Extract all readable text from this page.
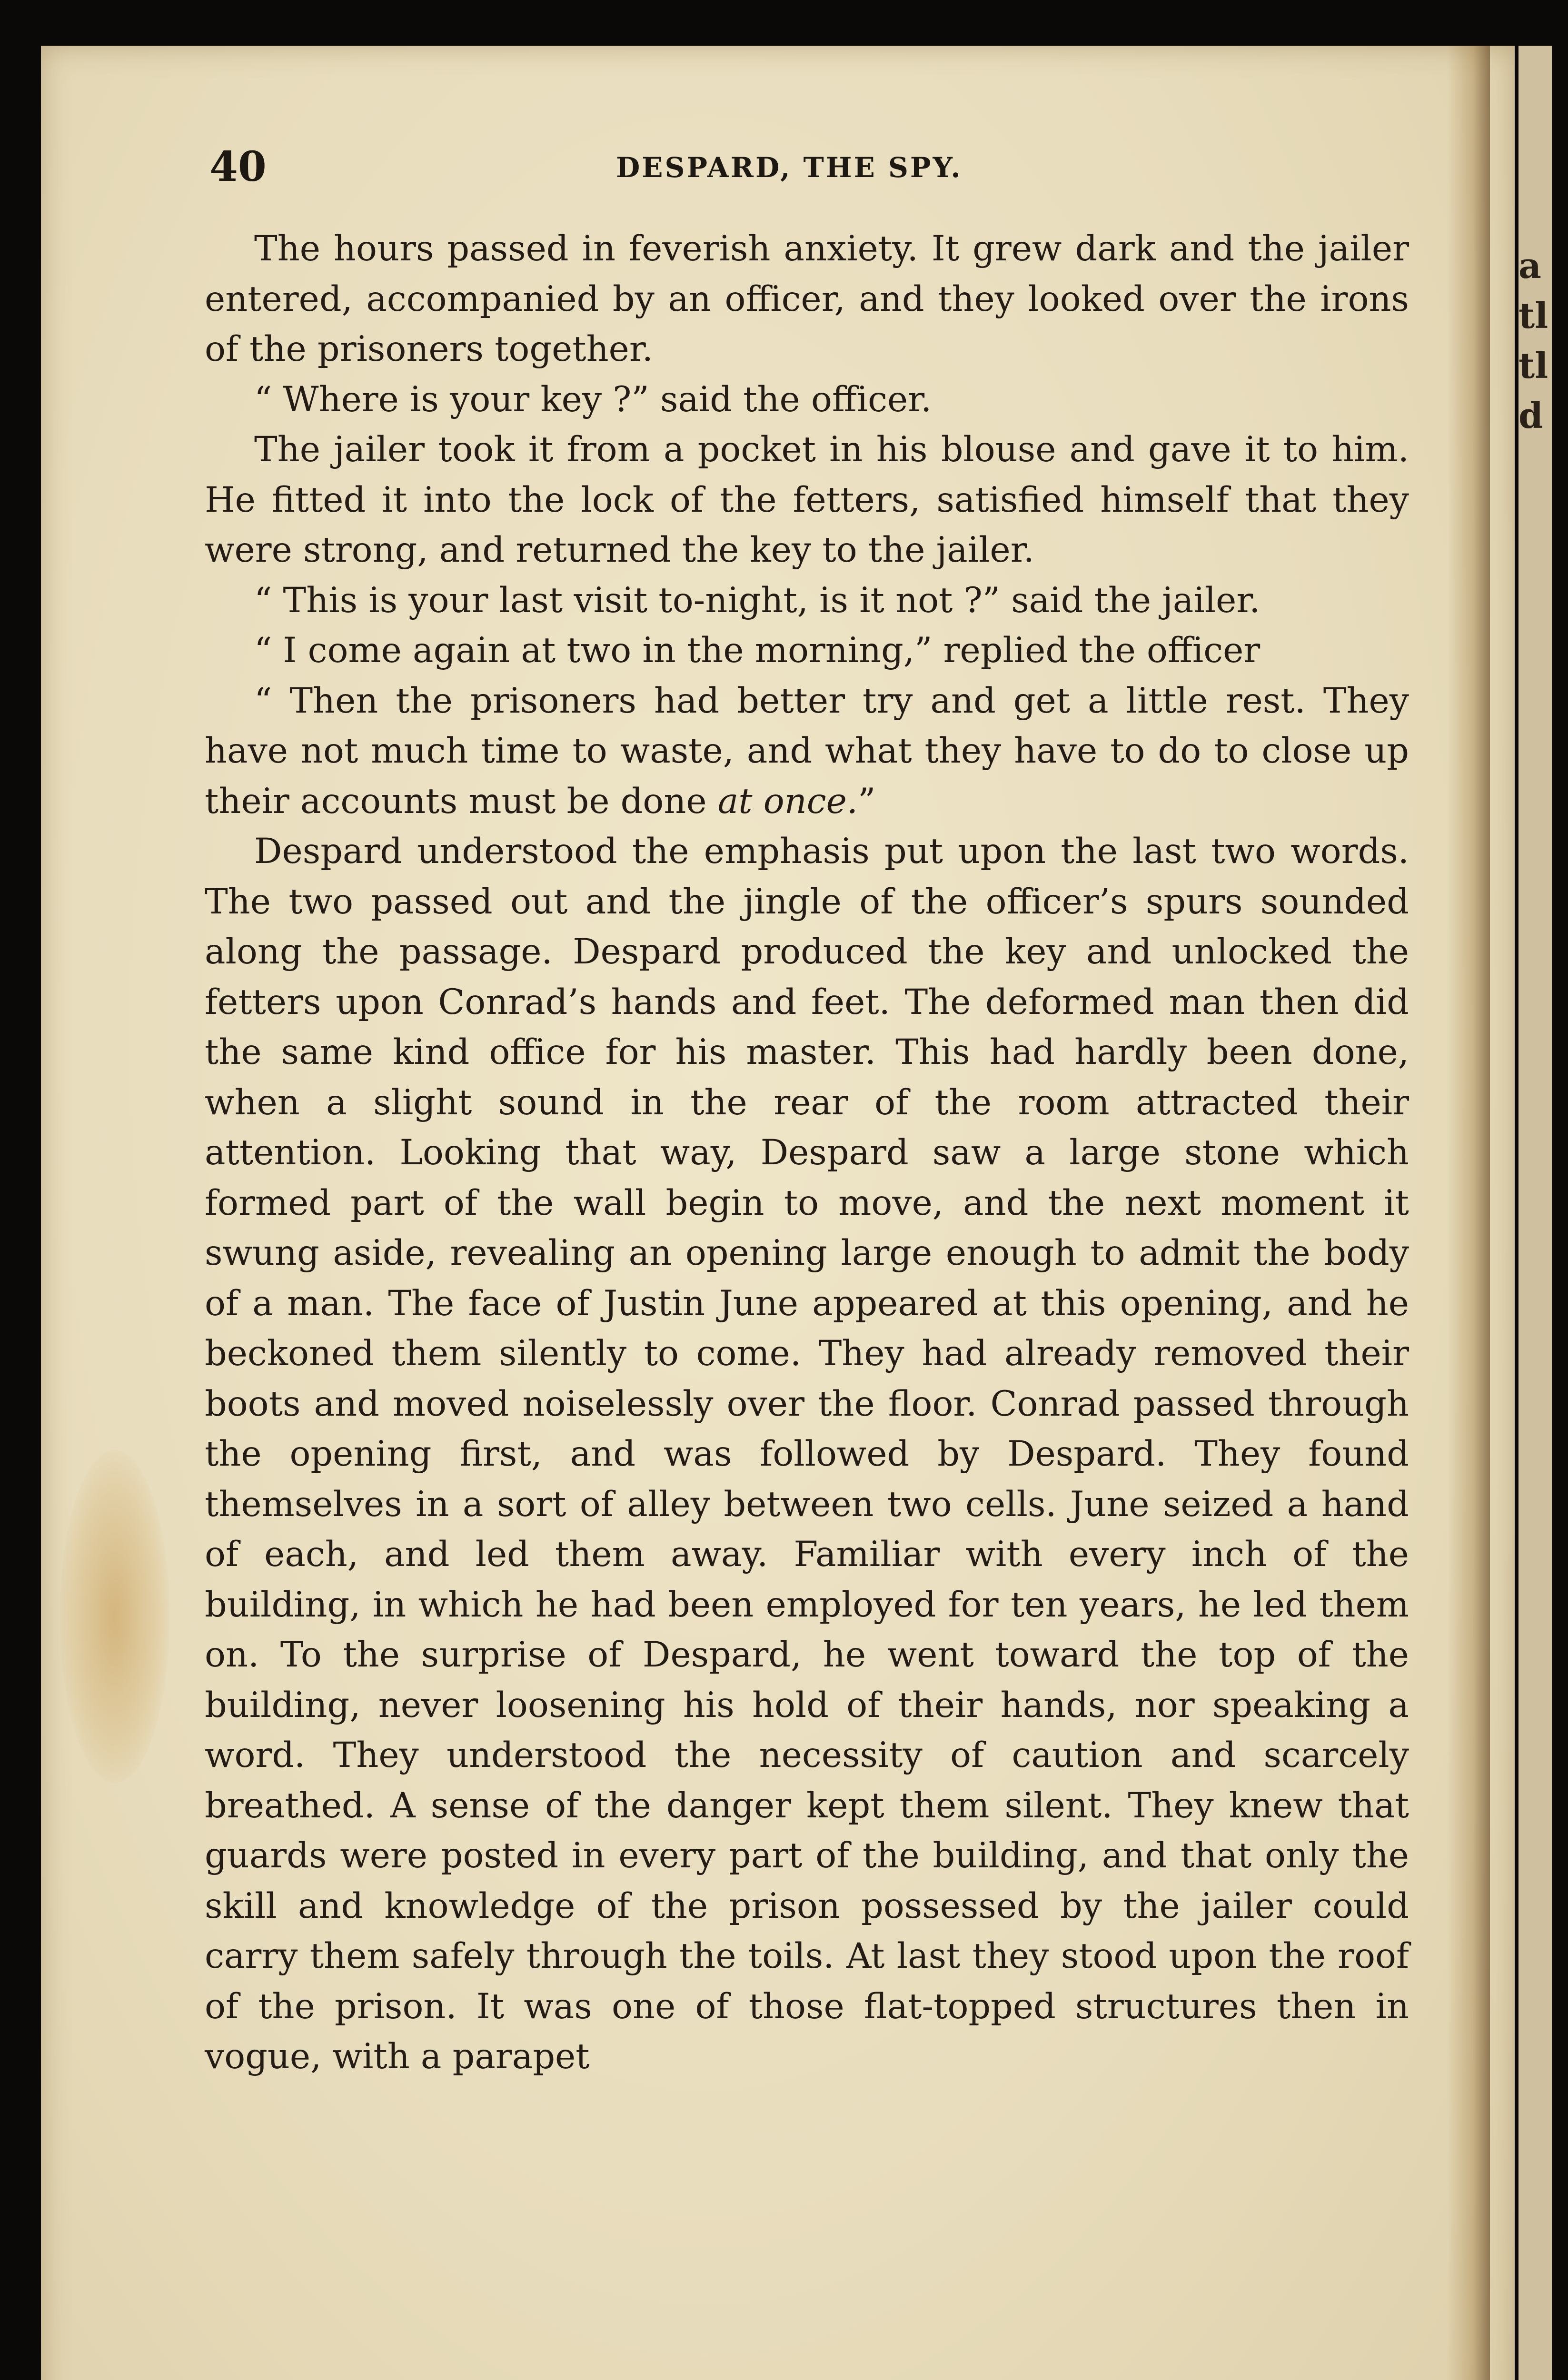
a
tl
tl
d
40	DESPARD, THE SPY.

The hours passed in feverish anxiety. It grew dark and the jailer entered, accompanied by an officer, and they looked over the irons of the prisoners together.

“ Where is your key ?” said the officer.

The jailer took it from a pocket in his blouse and gave it to him. He fitted it into the lock of the fetters, satisfied himself that they were strong, and returned the key to the jailer.

“ This is your last visit to-night, is it not ?” said the jailer.

“ I come again at two in the morning,” replied the officer

“ Then the prisoners had better try and get a little rest. They have not much time to waste, and what they have to do to close up their accounts must be done at once.”

Despard understood the emphasis put upon the last two words. The two passed out and the jingle of the officer’s spurs sounded along the passage. Despard produced the key and unlocked the fetters upon Conrad’s hands and feet. The deformed man then did the same kind office for his master. This had hardly been done, when a slight sound in the rear of the room attracted their attention. Looking that way, Despard saw a large stone which formed part of the wall begin to move, and the next moment it swung aside, revealing an opening large enough to admit the body of a man. The face of Justin June appeared at this opening, and he beckoned them silently to come. They had already removed their boots and moved noiselessly over the floor. Conrad passed through the opening first, and was followed by Despard. They found themselves in a sort of alley between two cells. June seized a hand of each, and led them away. Familiar with every inch of the building, in which he had been employed for ten years, he led them on. To the surprise of Despard, he went toward the top of the building, never loosening his hold of their hands, nor speaking a word. They understood the necessity of caution and scarcely breathed. A sense of the danger kept them silent. They knew that guards were posted in every part of the building, and that only the skill and knowledge of the prison possessed by the jailer could carry them safely through the toils. At last they stood upon the roof of the prison. It was one of those flat-topped structures then in vogue, with a parapet
